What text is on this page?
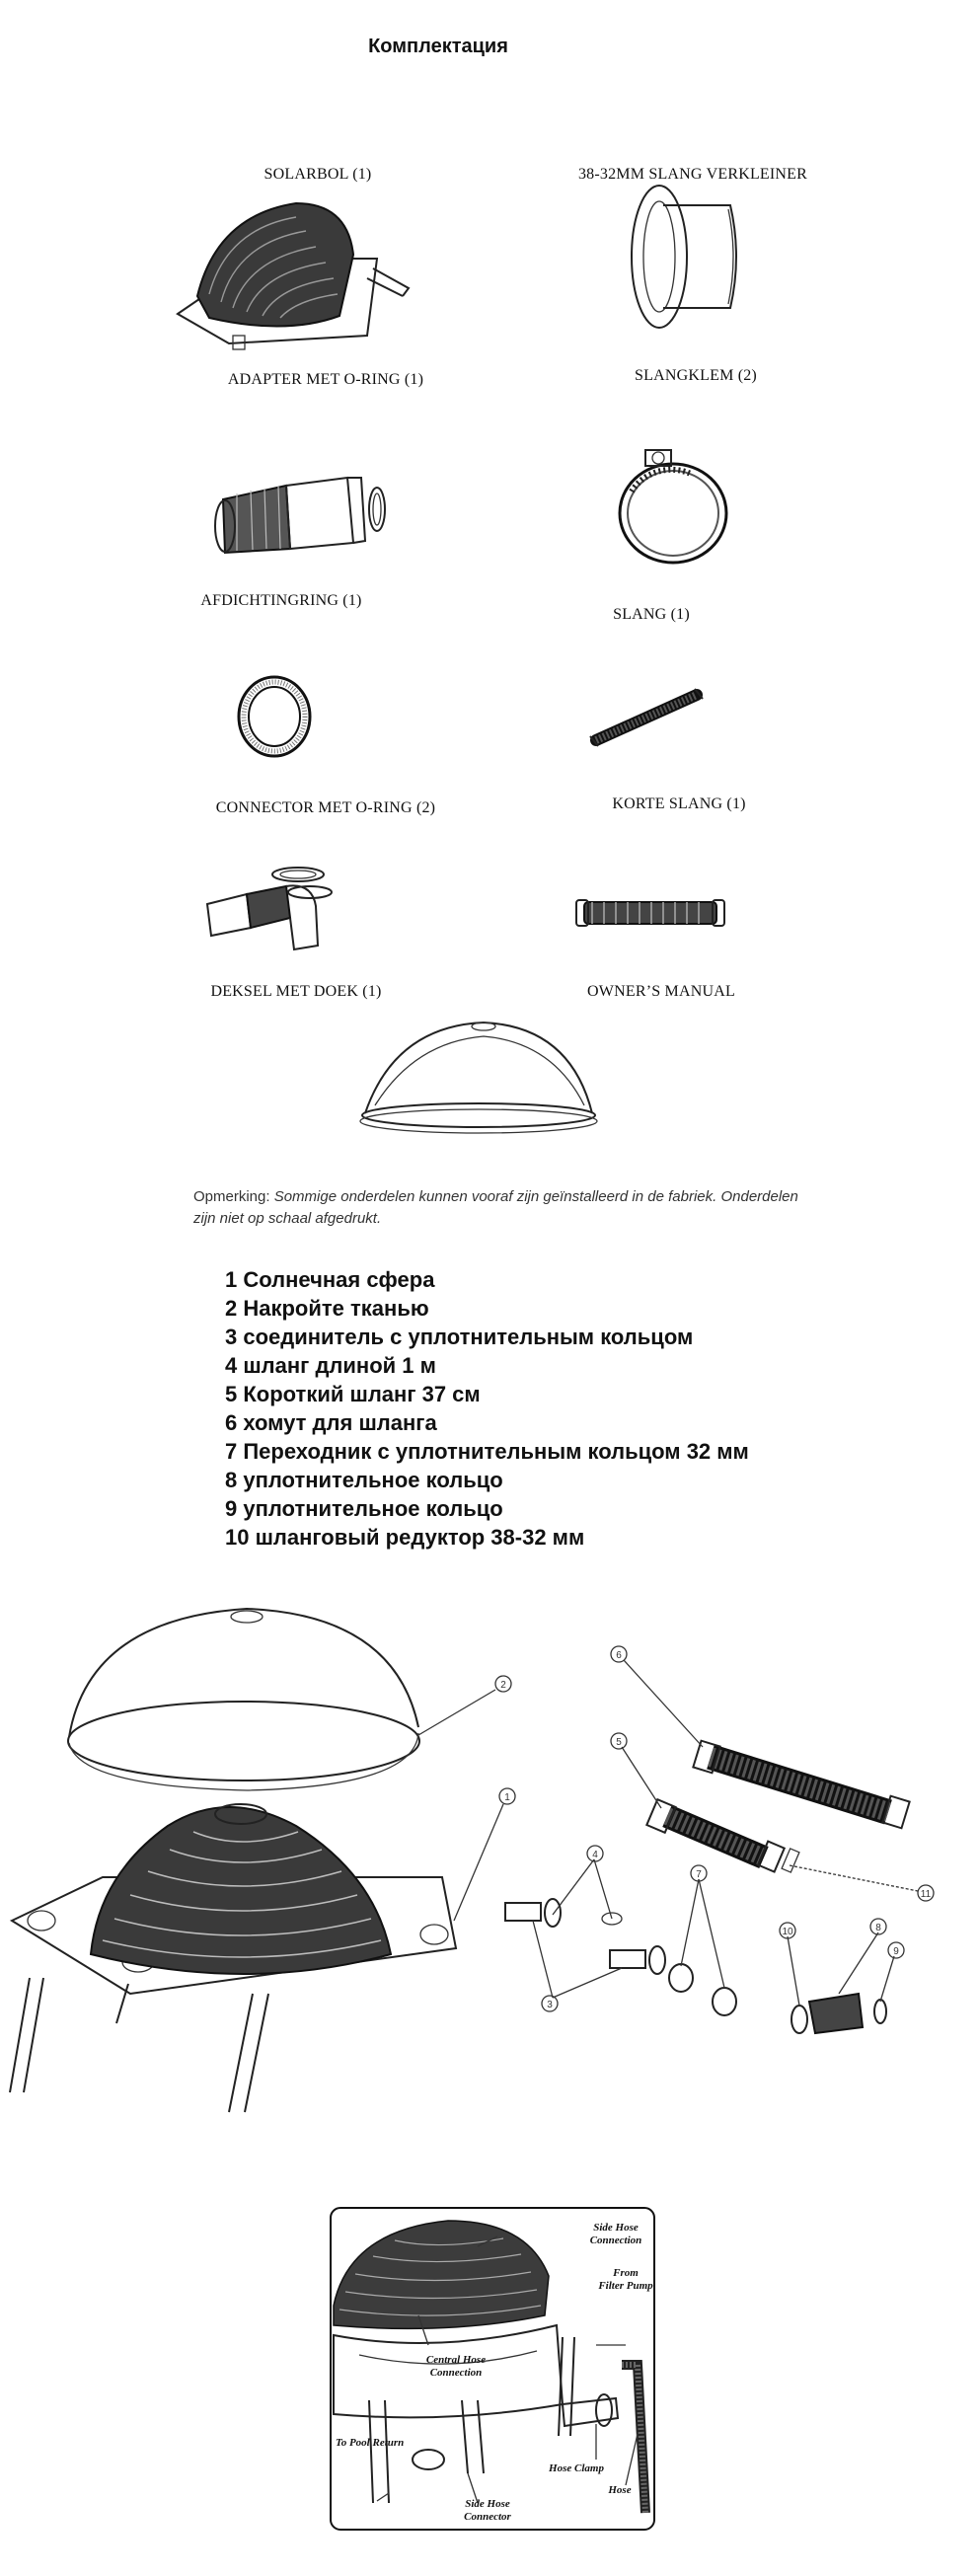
Комплектация
SOLARBOL (1)	38-32MM SLANG VERKLEINER
ADAPTER MET O-RING (1)	SLANGKLEM (2)
AFDICHTINGRING (1)
SLANG (1)
CONNECTOR MET O-RING (2)	KORTE SLANG (1)
DEKSEL MET DOEK (1)	OWNER’S MANUAL
Opmerking: Sommige onderdelen kunnen vooraf zijn geïnstalleerd in de fabriek. Onderdelen
zijn niet op schaal afgedrukt.
1 Солнечная сфера
2 Накройте тканью
3 соединитель с уплотнительным кольцом
4 шланг длиной 1 м
5 Короткий шланг 37 см
6 хомут для шланга
7 Переходник с уплотнительным кольцом 32 мм
8 уплотнительное кольцо
9 уплотнительное кольцо
10 шланговый редуктор 38-32 мм
1
2
3
4
5
6
7
8
9
10
11
Side Hose
Connection
From
Filter Pump
Central Hose
Connection
To Pool Return
Hose Clamp
Hose
Side Hose
Connector
